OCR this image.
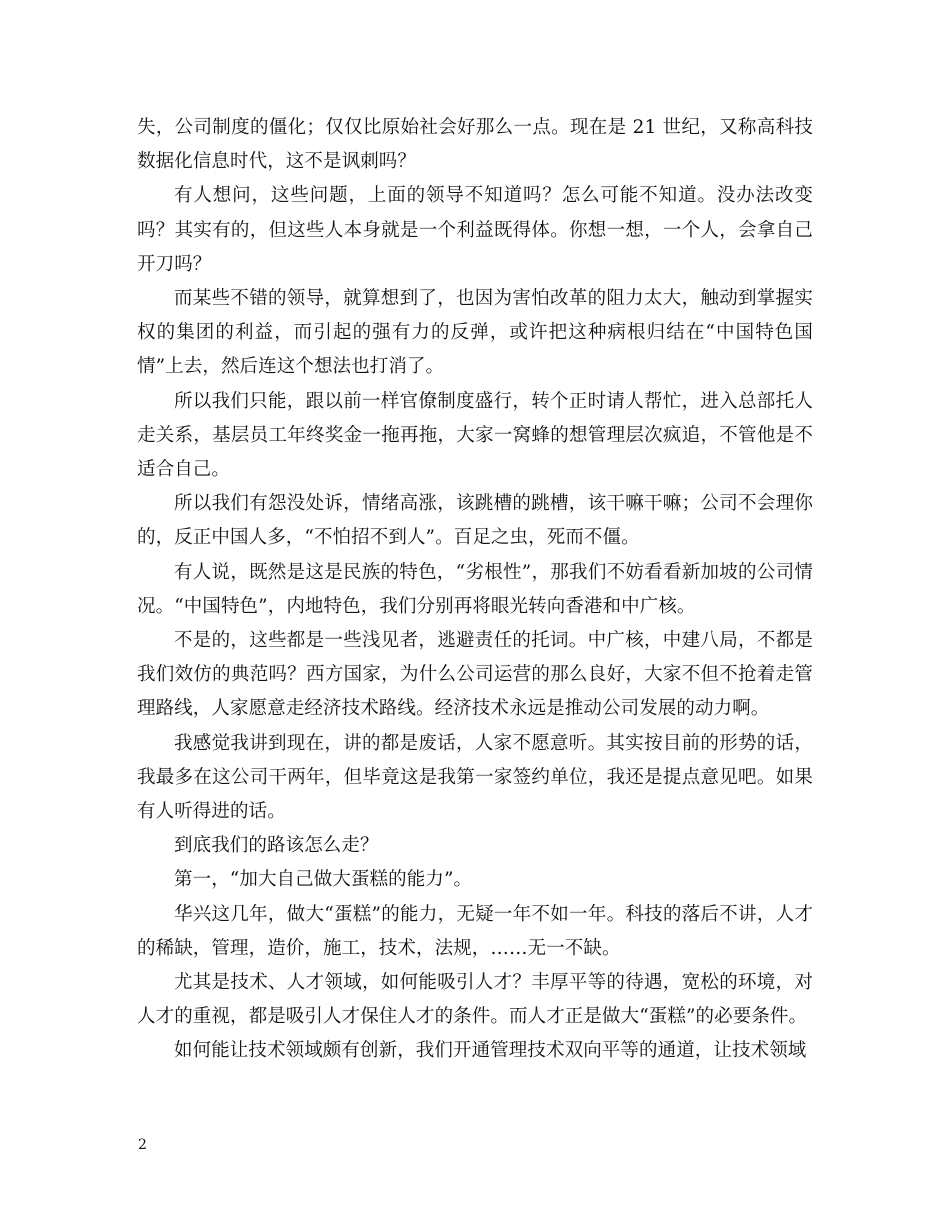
失，公司制度的僵化；仅仅比原始社会好那么一点。现在是 21 世纪，又称高科技数据化信息时代，这不是讽刺吗？

有人想问，这些问题，上面的领导不知道吗？怎么可能不知道。没办法改变吗？其实有的，但这些人本身就是一个利益既得体。你想一想，一个人，会拿自己开刀吗？

而某些不错的领导，就算想到了，也因为害怕改革的阻力太大，触动到掌握实权的集团的利益，而引起的强有力的反弹，或许把这种病根归结在“中国特色国情”上去，然后连这个想法也打消了。

所以我们只能，跟以前一样官僚制度盛行，转个正时请人帮忙，进入总部托人走关系，基层员工年终奖金一拖再拖，大家一窝蜂的想管理层次疯追，不管他是不适合自己。

所以我们有怨没处诉，情绪高涨，该跳槽的跳槽，该干嘛干嘛；公司不会理你的，反正中国人多，“不怕招不到人”。百足之虫，死而不僵。

有人说，既然是这是民族的特色，“劣根性”，那我们不妨看看新加坡的公司情况。“中国特色”，内地特色，我们分别再将眼光转向香港和中广核。

不是的，这些都是一些浅见者，逃避责任的托词。中广核，中建八局，不都是我们效仿的典范吗？西方国家，为什么公司运营的那么良好，大家不但不抢着走管理路线，人家愿意走经济技术路线。经济技术永远是推动公司发展的动力啊。

我感觉我讲到现在，讲的都是废话，人家不愿意听。其实按目前的形势的话，我最多在这公司干两年，但毕竟这是我第一家签约单位，我还是提点意见吧。如果有人听得进的话。

到底我们的路该怎么走？

第一，“加大自己做大蛋糕的能力”。

华兴这几年，做大“蛋糕”的能力，无疑一年不如一年。科技的落后不讲，人才的稀缺，管理，造价，施工，技术，法规，……无一不缺。

尤其是技术、人才领域，如何能吸引人才？丰厚平等的待遇，宽松的环境，对人才的重视，都是吸引人才保住人才的条件。而人才正是做大“蛋糕”的必要条件。

如何能让技术领域颇有创新，我们开通管理技术双向平等的通道，让技术领域

2
